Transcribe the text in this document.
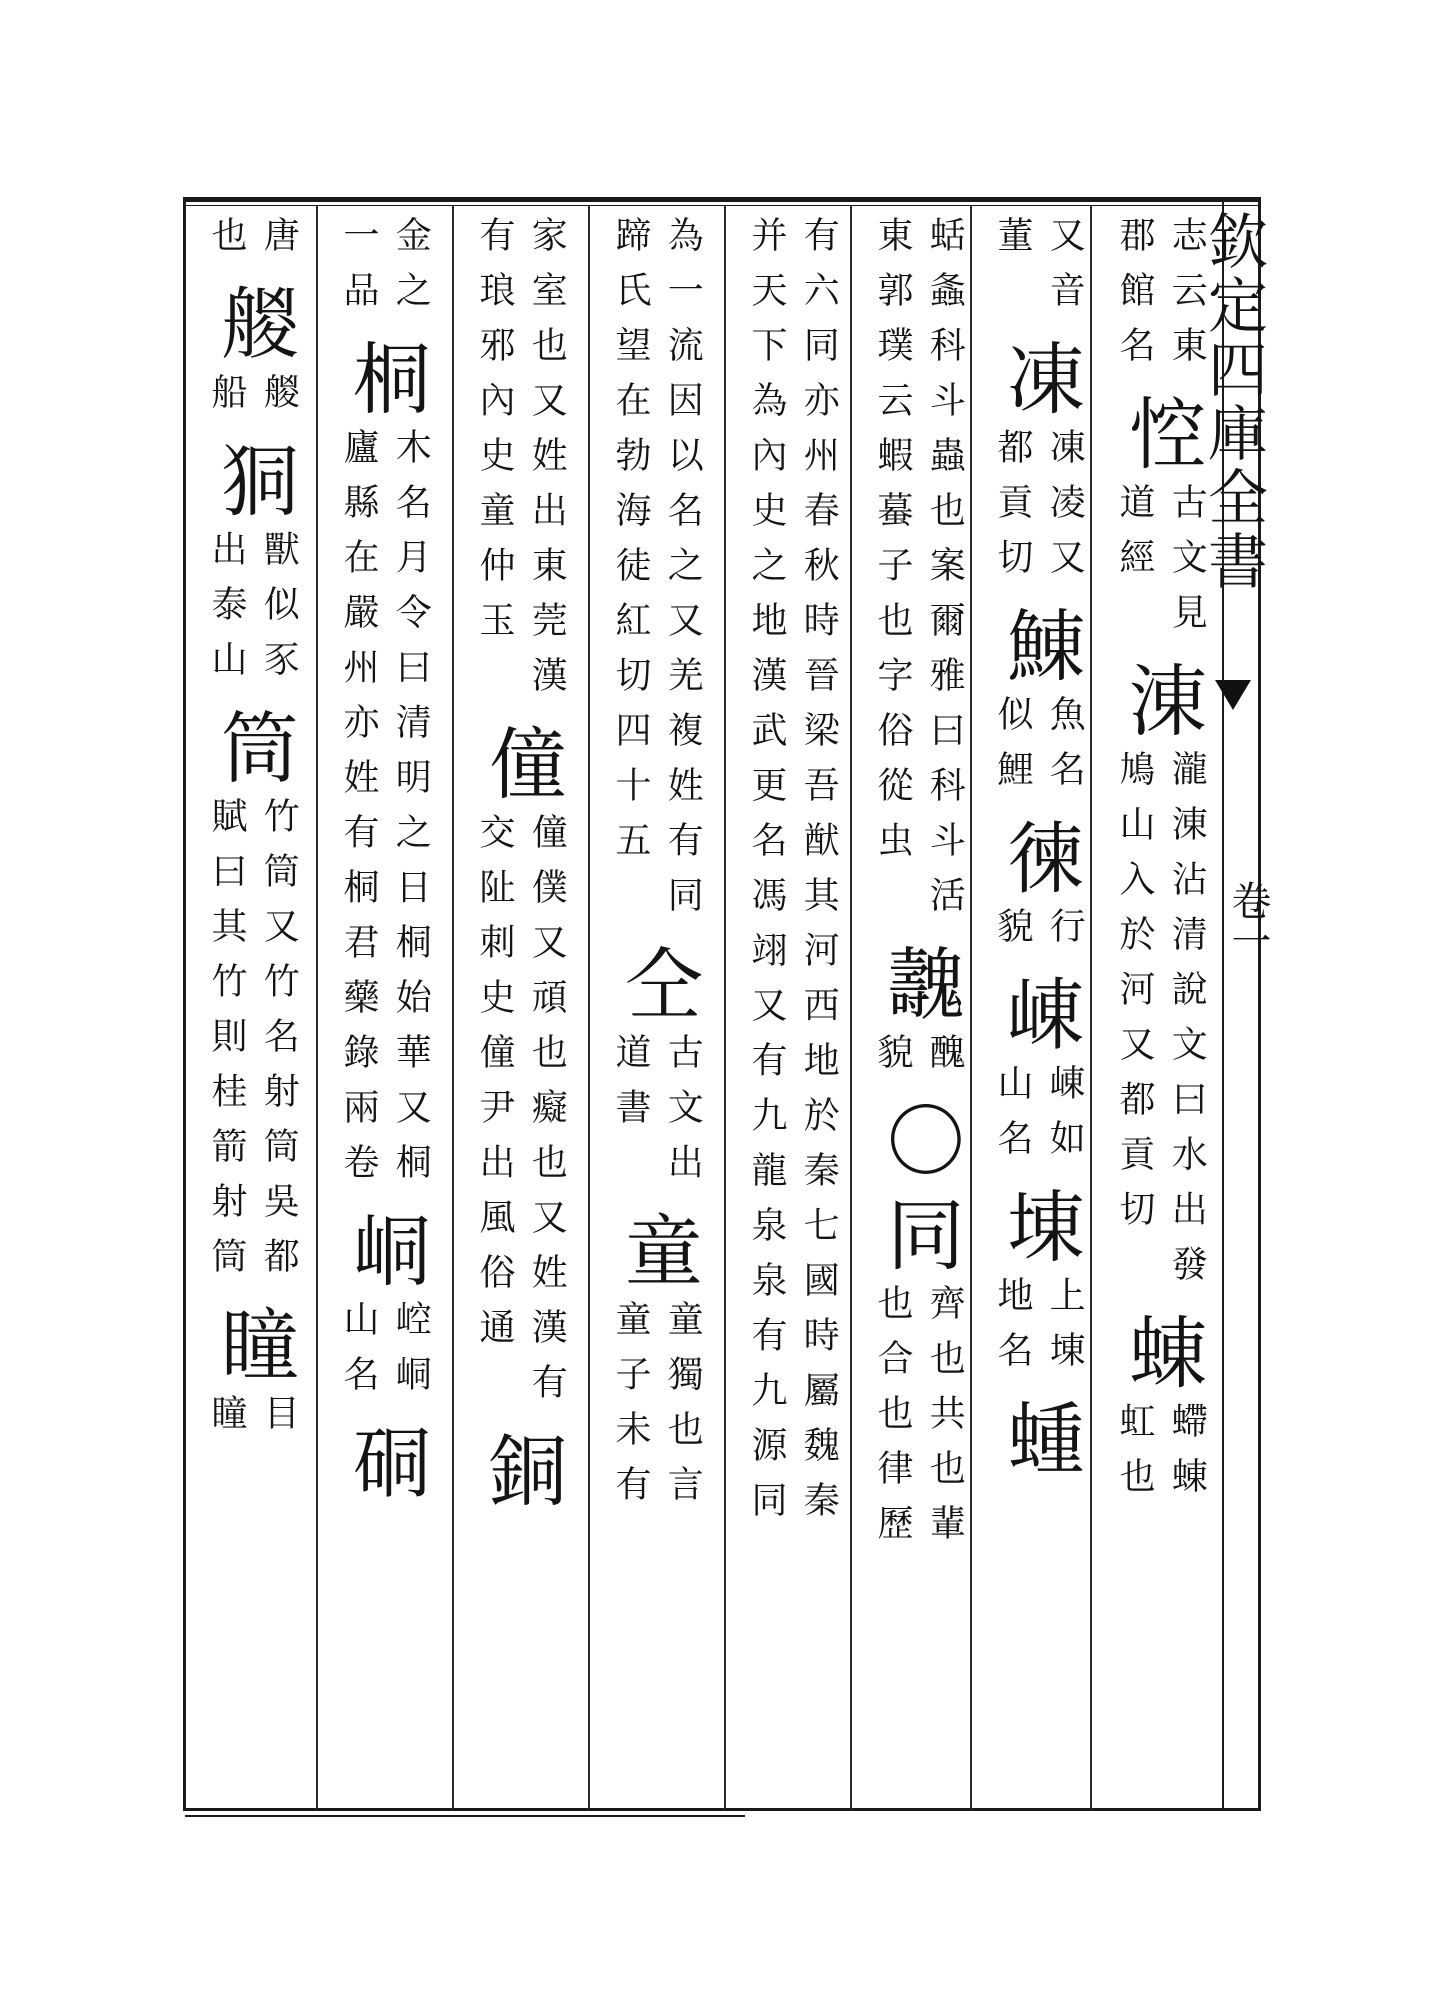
欽定四庫全書
卷一
志云東
郡館名
悾
古文見
道經
涷
瀧涷沾清說文曰水出發
鳩山入於河又都貢切
蝀
螮蝀
虹也
又音
董
凍
凍凌又
都貢切
鯟
魚名
似鯉
徚
行
貌
崠
崠如
山名
埬
上埬
地名
蝩
蛞螽科斗蟲也案爾雅曰科斗活
東郭璞云蝦蟇子也字俗從虫
魗
醜
貌
〇
同
齊也共也輩
也合也律歷
有六同亦州春秋時晉梁吾猷其河西地於秦七國時屬魏秦
并天下為內史之地漢武更名馮翊又有九龍泉泉有九源同
為一流因以名之又羌複姓有同
蹄氏望在勃海徒紅切四十五
仝
古文出
道書
童
童獨也言
童子未有
家室也又姓出東莞漢
有琅邪內史童仲玉
僮
僮僕又頑也癡也又姓漢有
交阯刺史僮尹出風俗通
銅
金之
一品
桐
木名月令曰清明之日桐始華又桐
廬縣在嚴州亦姓有桐君藥錄兩卷
峒
崆峒
山名
硐
唐
也
艐
艐
船
狪
獸似豕
出泰山
筒
竹筒又竹名射筒吳都
賦曰其竹則桂箭射筒
瞳
目
瞳
